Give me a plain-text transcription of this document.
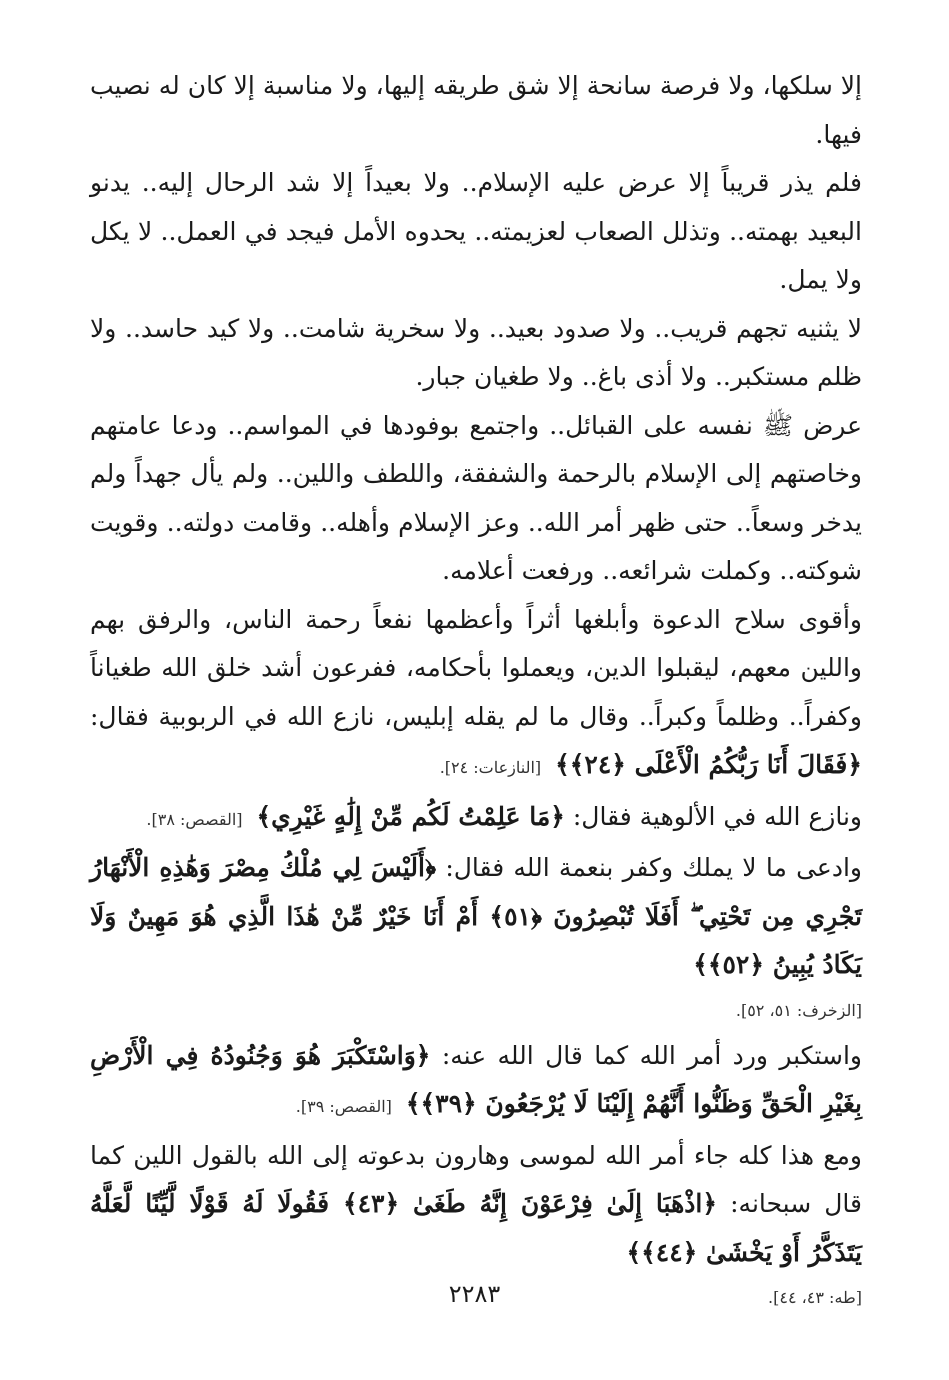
إلا سلكها، ولا فرصة سانحة إلا شق طريقه إليها، ولا مناسبة إلا كان له نصيب فيها.

فلم يذر قريباً إلا عرض عليه الإسلام.. ولا بعيداً إلا شد الرحال إليه.. يدنو البعيد بهمته.. وتذلل الصعاب لعزيمته.. يحدوه الأمل فيجد في العمل.. لا يكل ولا يمل.

لا يثنيه تجهم قريب.. ولا صدود بعيد.. ولا سخرية شامت.. ولا كيد حاسد.. ولا ظلم مستكبر.. ولا أذى باغ.. ولا طغيان جبار.

عرض ﷺ نفسه على القبائل.. واجتمع بوفودها في المواسم.. ودعا عامتهم وخاصتهم إلى الإسلام بالرحمة والشفقة، واللطف واللين.. ولم يأل جهداً ولم يدخر وسعاً.. حتى ظهر أمر الله.. وعز الإسلام وأهله.. وقامت دولته.. وقويت شوكته.. وكملت شرائعه.. ورفعت أعلامه.

وأقوى سلاح الدعوة وأبلغها أثراً وأعظمها نفعاً رحمة الناس، والرفق بهم واللين معهم، ليقبلوا الدين، ويعملوا بأحكامه، ففرعون أشد خلق الله طغياناً وكفراً.. وظلماً وكبراً.. وقال ما لم يقله إبليس، نازع الله في الربوبية فقال: ﴿فَقَالَ أَنَا رَبُّكُمُ الْأَعْلَى ﴿٢٤﴾﴾ [النازعات: ٢٤].

ونازع الله في الألوهية فقال: ﴿مَا عَلِمْتُ لَكُم مِّنْ إِلَٰهٍ غَيْرِي﴾ [القصص: ٣٨].

وادعى ما لا يملك وكفر بنعمة الله فقال: ﴿أَلَيْسَ لِي مُلْكُ مِصْرَ وَهَٰذِهِ الْأَنْهَارُ تَجْرِي مِن تَحْتِي ۖ أَفَلَا تُبْصِرُونَ ﴿٥١﴾ أَمْ أَنَا خَيْرٌ مِّنْ هَٰذَا الَّذِي هُوَ مَهِينٌ وَلَا يَكَادُ يُبِينُ ﴿٥٢﴾﴾

[الزخرف: ٥١، ٥٢].

واستكبر ورد أمر الله كما قال الله عنه: ﴿وَاسْتَكْبَرَ هُوَ وَجُنُودُهُ فِي الْأَرْضِ بِغَيْرِ الْحَقِّ وَظَنُّوا أَنَّهُمْ إِلَيْنَا لَا يُرْجَعُونَ ﴿٣٩﴾﴾ [القصص: ٣٩].

ومع هذا كله جاء أمر الله لموسى وهارون بدعوته إلى الله بالقول اللين كما قال سبحانه: ﴿اذْهَبَا إِلَىٰ فِرْعَوْنَ إِنَّهُ طَغَىٰ ﴿٤٣﴾ فَقُولَا لَهُ قَوْلًا لَّيِّنًا لَّعَلَّهُ يَتَذَكَّرُ أَوْ يَخْشَىٰ ﴿٤٤﴾﴾

[طه: ٤٣، ٤٤].

٢٢٨٣
